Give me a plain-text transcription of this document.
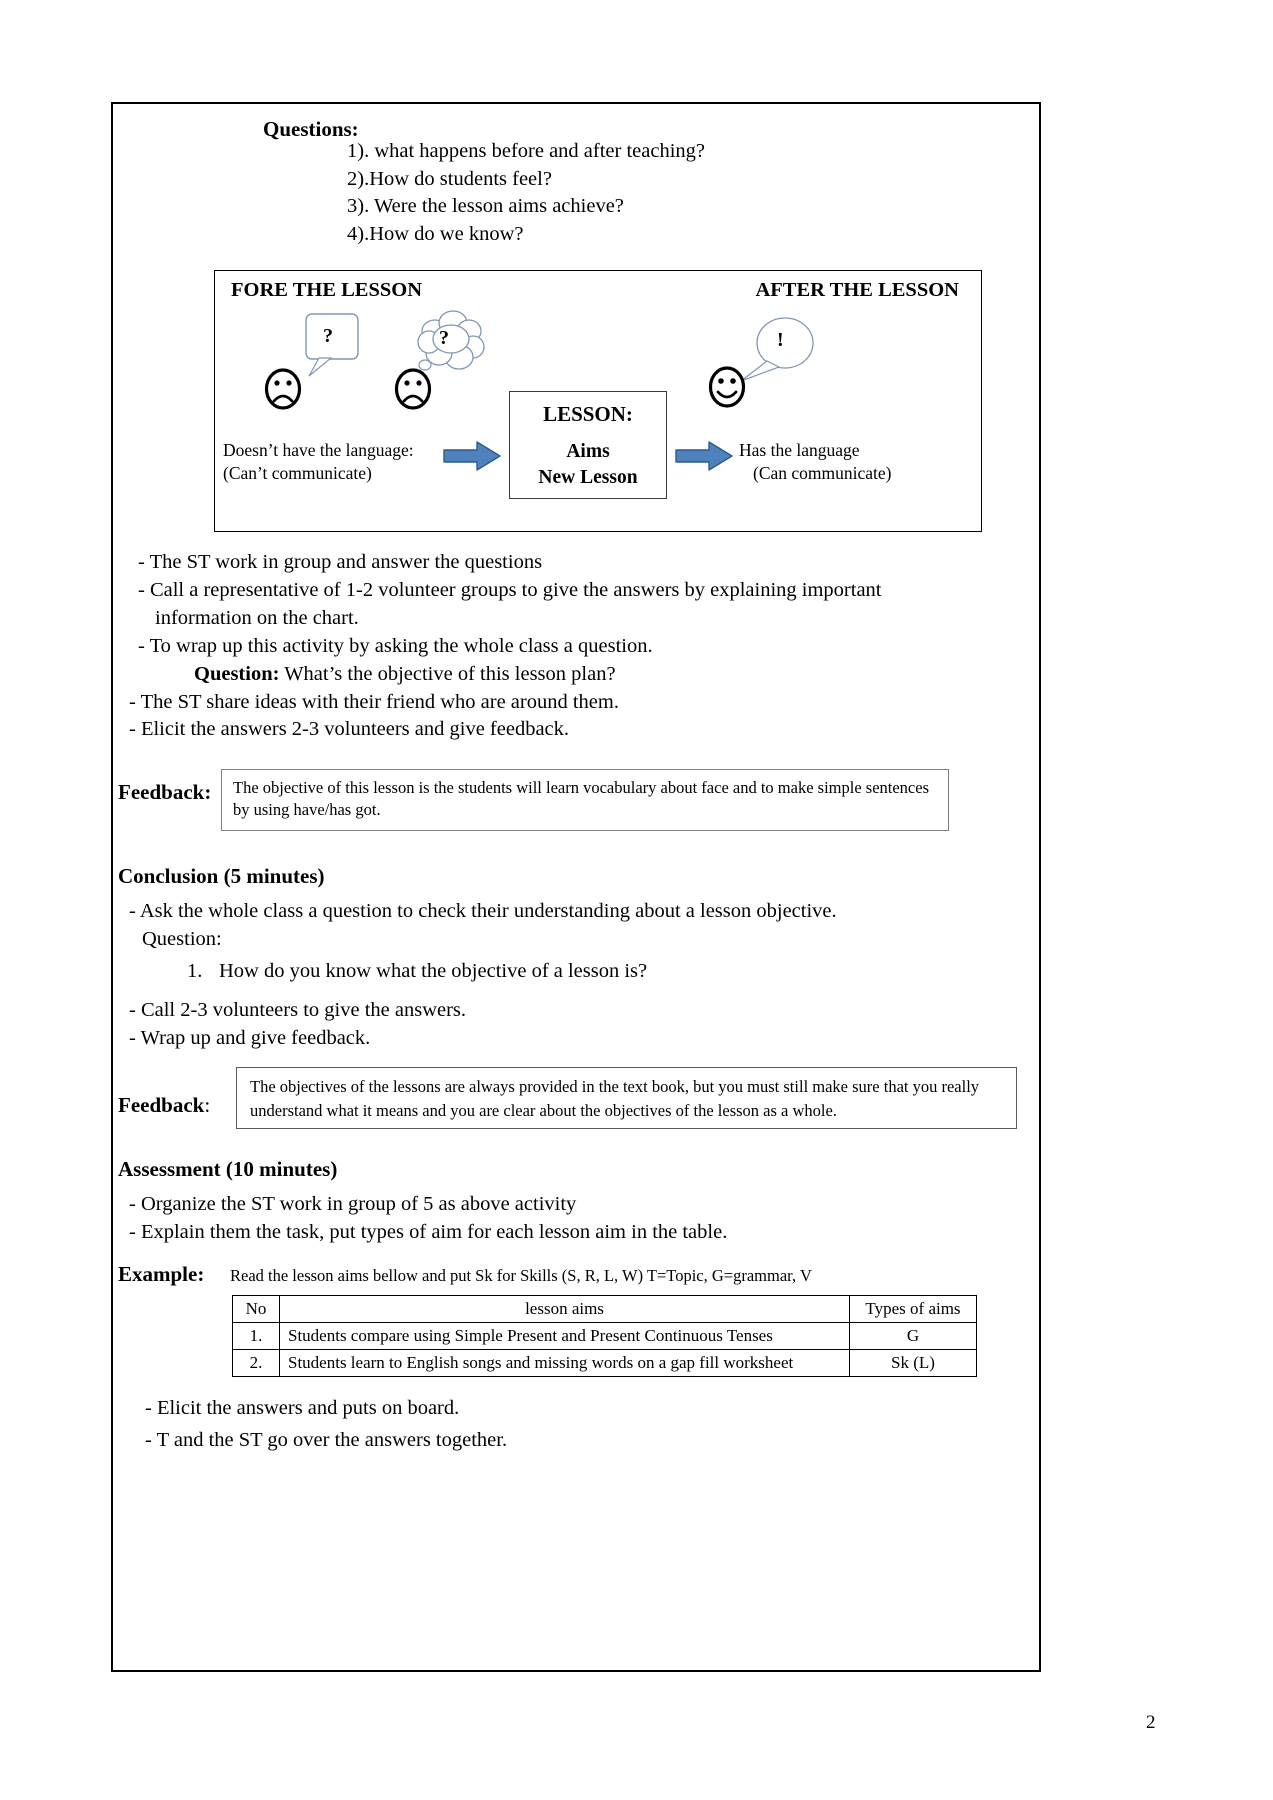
Questions:
1). what happens before and after teaching?
2).How do students feel?
3). Were the lesson aims achieve?
4).How do we know?
FORE THE LESSON	AFTER THE LESSON
?	?	!
LESSON:
Aims
New Lesson
Doesn’t have the language:
(Can’t communicate)
Has the language
(Can communicate)
- The ST work in group and answer the questions
- Call a representative of 1-2 volunteer groups to give the answers by explaining important
information on the chart.
- To wrap up this activity by asking the whole class a question.
Question: What’s the objective of this lesson plan?
- The ST share ideas with their friend who are around them.
- Elicit the answers 2-3 volunteers and give feedback.
Feedback:	The objective of this lesson is the students will learn vocabulary about face and to make simple sentences by using have/has got.
Conclusion (5 minutes)
- Ask the whole class a question to check their understanding about a lesson objective.
Question:
1. How do you know what the objective of a lesson is?
- Call 2-3 volunteers to give the answers.
- Wrap up and give feedback.
Feedback:
The objectives of the lessons are always provided in the text book, but you must still make sure that you really understand what it means and you are clear about the objectives of the lesson as a whole.
Assessment (10 minutes)
- Organize the ST work in group of 5 as above activity
- Explain them the task, put types of aim for each lesson aim in the table.
Example: Read the lesson aims bellow and put Sk for Skills (S, R, L, W) T=Topic, G=grammar, V
No	lesson aims	Types of aims
1.	Students compare using Simple Present and Present Continuous Tenses	G
2.	Students learn to English songs and missing words on a gap fill worksheet	Sk (L)
- Elicit the answers and puts on board.
- T and the ST go over the answers together.
2
